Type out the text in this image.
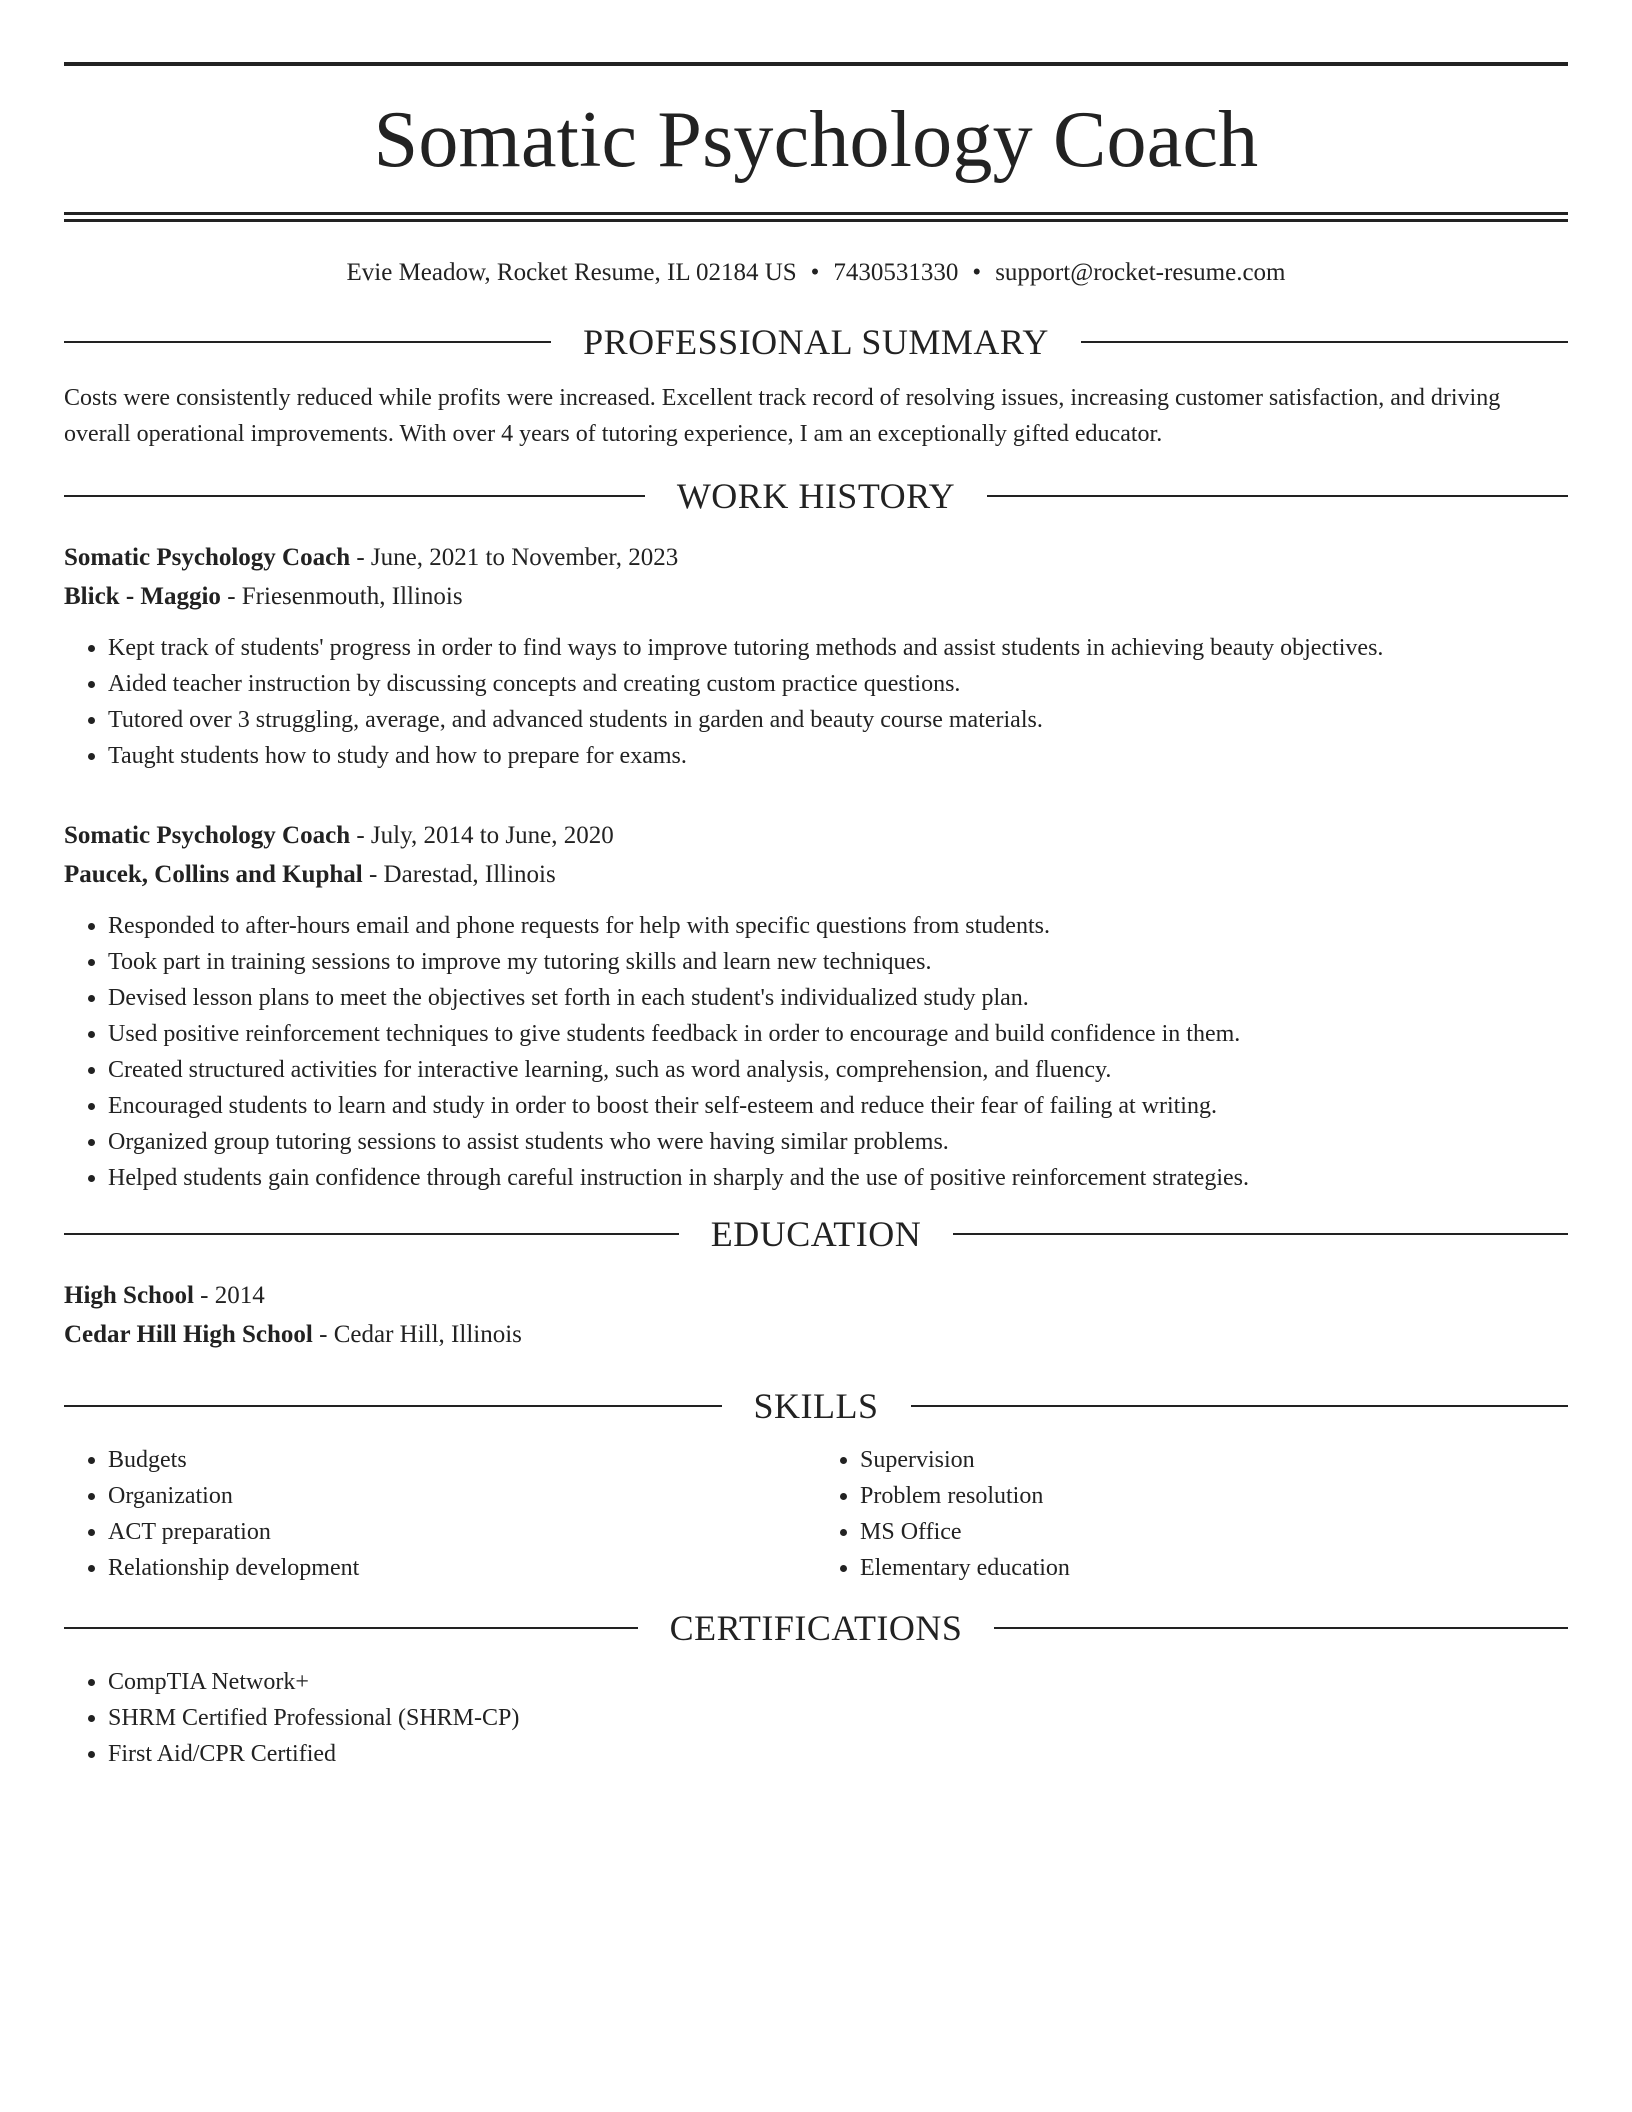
Somatic Psychology Coach
Evie Meadow, Rocket Resume, IL 02184 US • 7430531330 • support@rocket-resume.com
PROFESSIONAL SUMMARY
Costs were consistently reduced while profits were increased. Excellent track record of resolving issues, increasing customer satisfaction, and driving overall operational improvements. With over 4 years of tutoring experience, I am an exceptionally gifted educator.
WORK HISTORY
Somatic Psychology Coach - June, 2021 to November, 2023
Blick - Maggio - Friesenmouth, Illinois
• Kept track of students' progress in order to find ways to improve tutoring methods and assist students in achieving beauty objectives.
• Aided teacher instruction by discussing concepts and creating custom practice questions.
• Tutored over 3 struggling, average, and advanced students in garden and beauty course materials.
• Taught students how to study and how to prepare for exams.
Somatic Psychology Coach - July, 2014 to June, 2020
Paucek, Collins and Kuphal - Darestad, Illinois
• Responded to after-hours email and phone requests for help with specific questions from students.
• Took part in training sessions to improve my tutoring skills and learn new techniques.
• Devised lesson plans to meet the objectives set forth in each student's individualized study plan.
• Used positive reinforcement techniques to give students feedback in order to encourage and build confidence in them.
• Created structured activities for interactive learning, such as word analysis, comprehension, and fluency.
• Encouraged students to learn and study in order to boost their self-esteem and reduce their fear of failing at writing.
• Organized group tutoring sessions to assist students who were having similar problems.
• Helped students gain confidence through careful instruction in sharply and the use of positive reinforcement strategies.
EDUCATION
High School - 2014
Cedar Hill High School - Cedar Hill, Illinois
SKILLS
• Budgets
• Organization
• ACT preparation
• Relationship development
• Supervision
• Problem resolution
• MS Office
• Elementary education
CERTIFICATIONS
• CompTIA Network+
• SHRM Certified Professional (SHRM-CP)
• First Aid/CPR Certified
